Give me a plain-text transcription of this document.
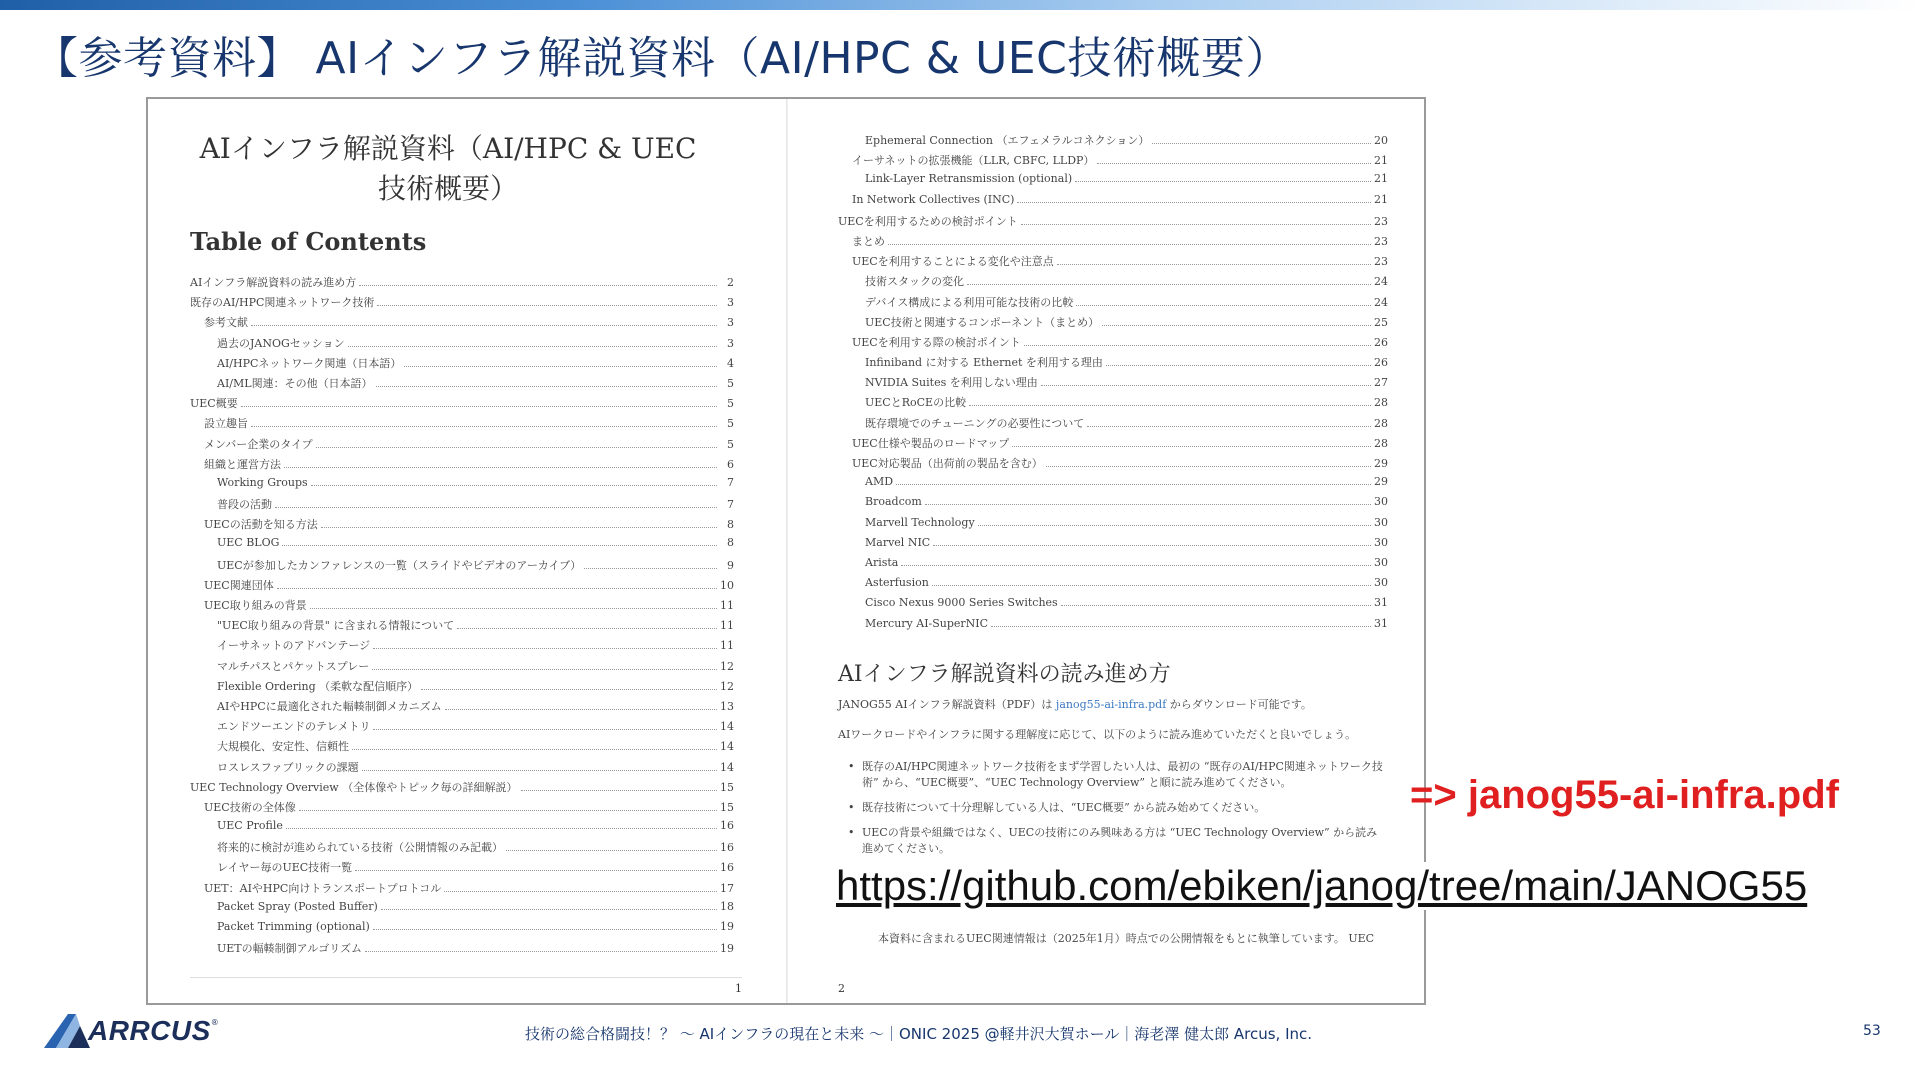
【参考資料】 AIインフラ解説資料（AI/HPC & UEC技術概要）
AIインフラ解説資料（AI/HPC & UEC技術概要）
Table of Contents
AIインフラ解説資料の読み進め方	2
既存のAI/HPC関連ネットワーク技術	3
参考文献	3
過去のJANOGセッション	3
AI/HPCネットワーク関連（日本語）	4
AI/ML関連：その他（日本語）	5
UEC概要	5
設立趣旨	5
メンバー企業のタイプ	5
組織と運営方法	6
Working Groups	7
普段の活動	7
UECの活動を知る方法	8
UEC BLOG	8
UECが参加したカンファレンスの一覧（スライドやビデオのアーカイブ）	9
UEC関連団体	10
UEC取り組みの背景	11
"UEC取り組みの背景" に含まれる情報について	11
イーサネットのアドバンテージ	11
マルチパスとパケットスプレー	12
Flexible Ordering （柔軟な配信順序）	12
AIやHPCに最適化された輻輳制御メカニズム	13
エンドツーエンドのテレメトリ	14
大規模化、安定性、信頼性	14
ロスレスファブリックの課題	14
UEC Technology Overview （全体像やトピック毎の詳細解説）	15
UEC技術の全体像	15
UEC Profile	16
将来的に検討が進められている技術（公開情報のみ記載）	16
レイヤー毎のUEC技術一覧	16
UET：AIやHPC向けトランスポートプロトコル	17
Packet Spray (Posted Buffer)	18
Packet Trimming (optional)	19
UETの輻輳制御アルゴリズム	19
1
Ephemeral Connection （エフェメラルコネクション）	20
イーサネットの拡張機能（LLR, CBFC, LLDP）	21
Link-Layer Retransmission (optional)	21
In Network Collectives (INC)	21
UECを利用するための検討ポイント	23
まとめ	23
UECを利用することによる変化や注意点	23
技術スタックの変化	24
デバイス構成による利用可能な技術の比較	24
UEC技術と関連するコンポーネント（まとめ）	25
UECを利用する際の検討ポイント	26
Infiniband に対する Ethernet を利用する理由	26
NVIDIA Suites を利用しない理由	27
UECとRoCEの比較	28
既存環境でのチューニングの必要性について	28
UEC仕様や製品のロードマップ	28
UEC対応製品（出荷前の製品を含む）	29
AMD	29
Broadcom	30
Marvell Technology	30
Marvel NIC	30
Arista	30
Asterfusion	30
Cisco Nexus 9000 Series Switches	31
Mercury AI-SuperNIC	31
AIインフラ解説資料の読み進め方
JANOG55 AIインフラ解説資料（PDF）は janog55-ai-infra.pdf からダウンロード可能です。
AIワークロードやインフラに関する理解度に応じて、以下のように読み進めていただくと良いでしょう。
• 既存のAI/HPC関連ネットワーク技術をまず学習したい人は、最初の “既存のAI/HPC関連ネットワーク技術” から、“UEC概要”、“UEC Technology Overview” と順に読み進めてください。
• 既存技術について十分理解している人は、“UEC概要” から読み始めてください。
• UECの背景や組織ではなく、UECの技術にのみ興味ある方は “UEC Technology Overview” から読み進めてください。
本資料に含まれるUEC関連情報は（2025年1月）時点での公開情報をもとに執筆しています。 UEC
2
=> janog55-ai-infra.pdf
https://github.com/ebiken/janog/tree/main/JANOG55
ARRCUS ®
技術の総合格闘技！？ 〜 AIインフラの現在と未来 〜｜ONIC 2025 @軽井沢大賀ホール｜海老澤 健太郎 Arcus, Inc.	53
